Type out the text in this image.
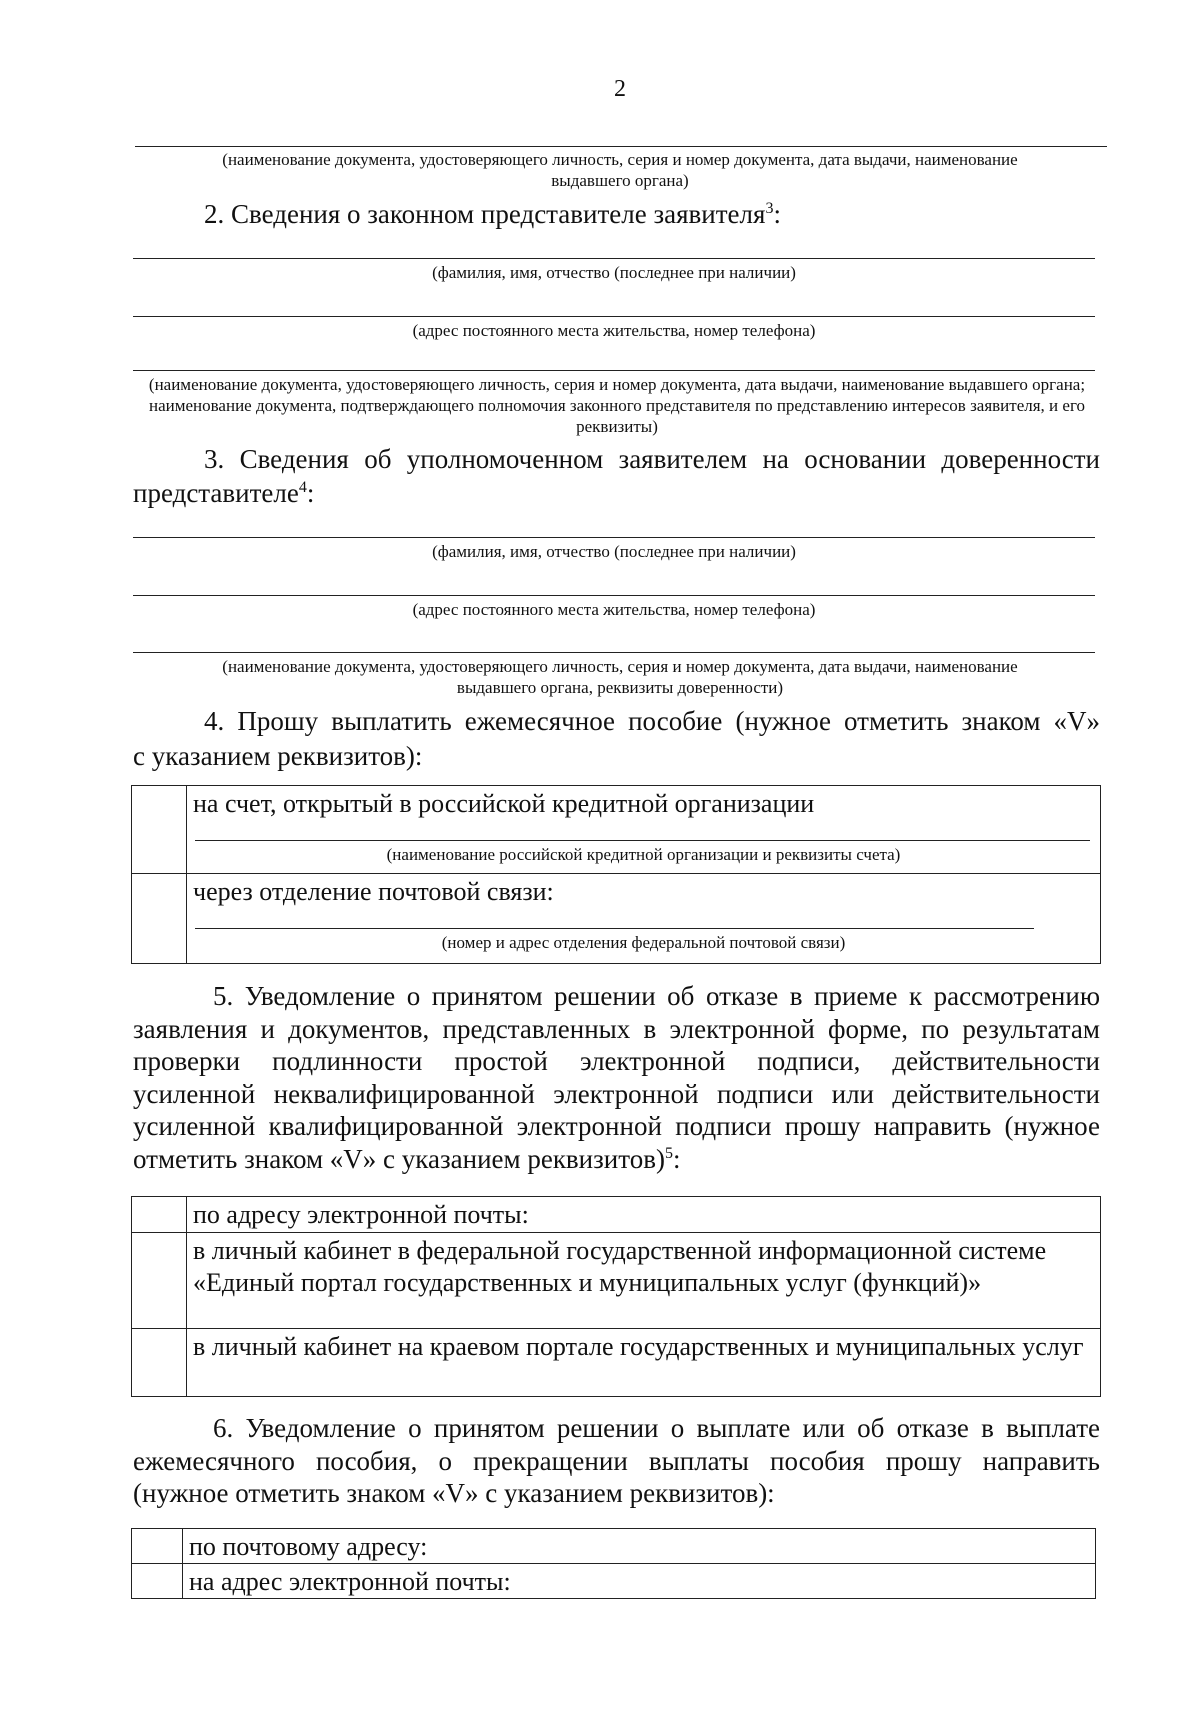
2
(наименование документа, удостоверяющего личность, серия и номер документа, дата выдачи, наименование выдавшего органа)
2. Сведения о законном представителе заявителя$^3$:
(фамилия, имя, отчество (последнее при наличии)
(адрес постоянного места жительства, номер телефона)
(наименование документа, удостоверяющего личность, серия и номер документа, дата выдачи, наименование выдавшего органа; наименование документа, подтверждающего полномочия законного представителя по представлению интересов заявителя, и его реквизиты)
3. Сведения об уполномоченном заявителем на основании доверенности
представителе$^4$:
(фамилия, имя, отчество (последнее при наличии)
(адрес постоянного места жительства, номер телефона)
(наименование документа, удостоверяющего личность, серия и номер документа, дата выдачи, наименование выдавшего органа, реквизиты доверенности)
4. Прошу выплатить ежемесячное пособие (нужное отметить знаком «V»
с указанием реквизитов):

	на счет, открытый в российской кредитной организации
(наименование российской кредитной организации и реквизиты счета)

	через отделение почтовой связи:
(номер и адрес отделения федеральной почтовой связи)
5. Уведомление о принятом решении об отказе в приеме к рассмотрению заявления и документов, представленных в электронной форме, по результатам проверки подлинности простой электронной подписи, действительности усиленной неквалифицированной электронной подписи или действительности усиленной квалифицированной электронной подписи прошу направить (нужное отметить знаком «V» с указанием реквизитов)$^5$:

	по адресу электронной почты:

	в личный кабинет в федеральной государственной информационной системе «Единый портал государственных и муниципальных услуг (функций)»

	в личный кабинет на краевом портале государственных и муниципальных услуг
6. Уведомление о принятом решении о выплате или об отказе в выплате ежемесячного пособия, о прекращении выплаты пособия прошу направить (нужное отметить знаком «V» с указанием реквизитов):

	по почтовому адресу:

	на адрес электронной почты:
